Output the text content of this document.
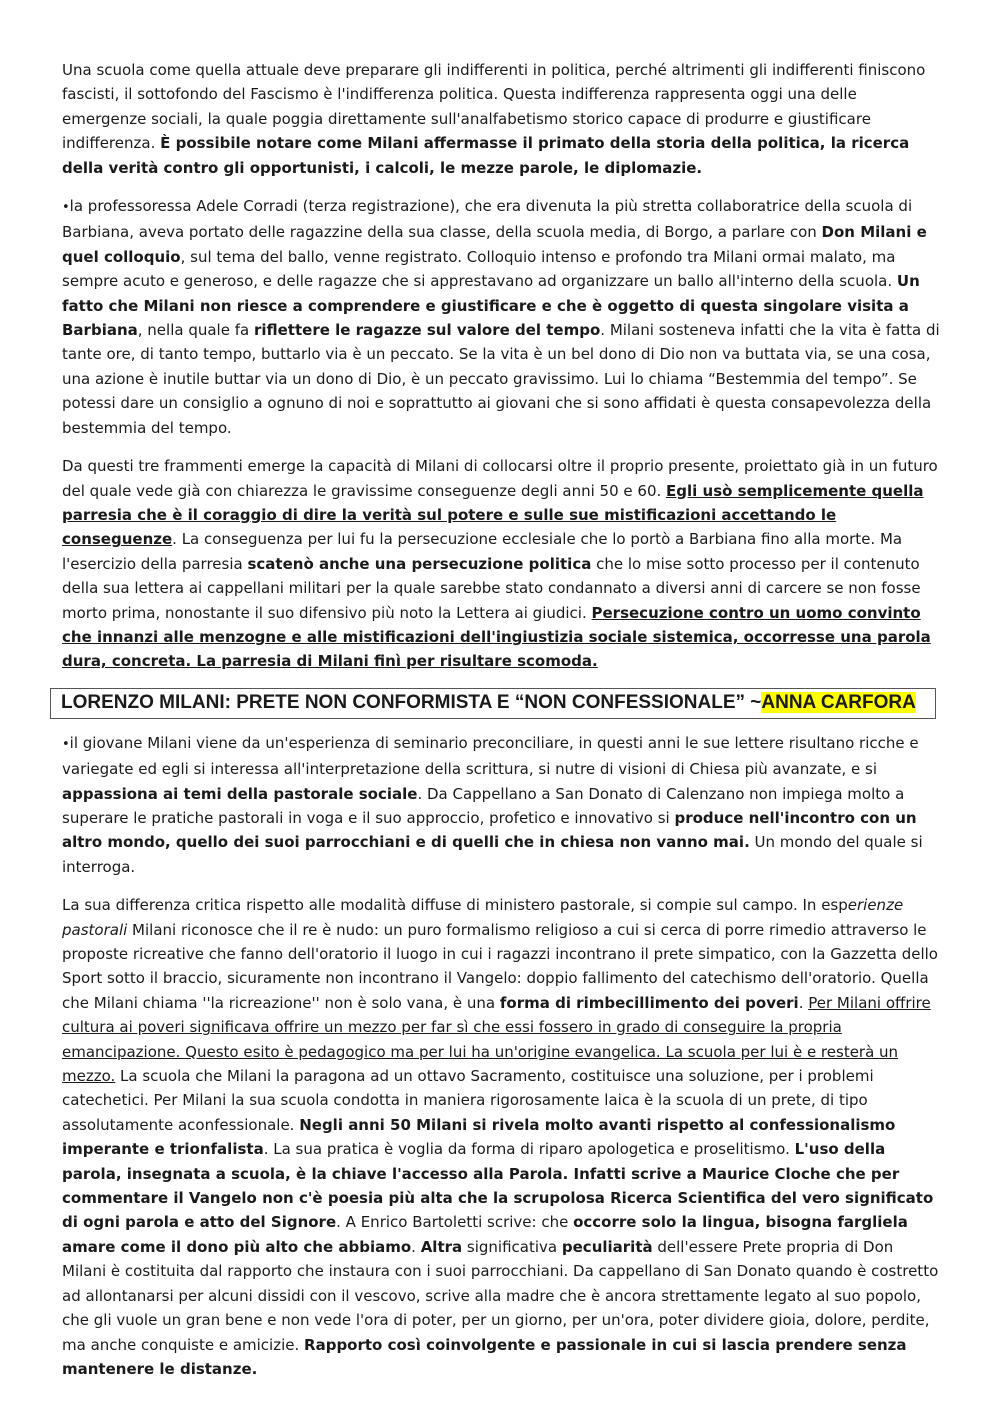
Una scuola come quella attuale deve preparare gli indifferenti in politica, perché altrimenti gli indifferenti finiscono fascisti, il sottofondo del Fascismo è l'indifferenza politica. Questa indifferenza rappresenta oggi una delle emergenze sociali, la quale poggia direttamente sull'analfabetismo storico capace di produrre e giustificare indifferenza. È possibile notare come Milani affermasse il primato della storia della politica, la ricerca della verità contro gli opportunisti, i calcoli, le mezze parole, le diplomazie.

•la professoressa Adele Corradi (terza registrazione), che era divenuta la più stretta collaboratrice della scuola di Barbiana, aveva portato delle ragazzine della sua classe, della scuola media, di Borgo, a parlare con Don Milani e quel colloquio, sul tema del ballo, venne registrato. Colloquio intenso e profondo tra Milani ormai malato, ma sempre acuto e generoso, e delle ragazze che si apprestavano ad organizzare un ballo all'interno della scuola. Un fatto che Milani non riesce a comprendere e giustificare e che è oggetto di questa singolare visita a Barbiana, nella quale fa riflettere le ragazze sul valore del tempo. Milani sosteneva infatti che la vita è fatta di tante ore, di tanto tempo, buttarlo via è un peccato. Se la vita è un bel dono di Dio non va buttata via, se una cosa, una azione è inutile buttar via un dono di Dio, è un peccato gravissimo. Lui lo chiama “Bestemmia del tempo”. Se potessi dare un consiglio a ognuno di noi e soprattutto ai giovani che si sono affidati è questa consapevolezza della bestemmia del tempo.

Da questi tre frammenti emerge la capacità di Milani di collocarsi oltre il proprio presente, proiettato già in un futuro del quale vede già con chiarezza le gravissime conseguenze degli anni 50 e 60. Egli usò semplicemente quella parresia che è il coraggio di dire la verità sul potere e sulle sue mistificazioni accettando le conseguenze. La conseguenza per lui fu la persecuzione ecclesiale che lo portò a Barbiana fino alla morte. Ma l'esercizio della parresia scatenò anche una persecuzione politica che lo mise sotto processo per il contenuto della sua lettera ai cappellani militari per la quale sarebbe stato condannato a diversi anni di carcere se non fosse morto prima, nonostante il suo difensivo più noto la Lettera ai giudici. Persecuzione contro un uomo convinto che innanzi alle menzogne e alle mistificazioni dell'ingiustizia sociale sistemica, occorresse una parola dura, concreta. La parresia di Milani finì per risultare scomoda.

LORENZO MILANI: PRETE NON CONFORMISTA E “NON CONFESSIONALE” ~ANNA CARFORA

•il giovane Milani viene da un'esperienza di seminario preconciliare, in questi anni le sue lettere risultano ricche e variegate ed egli si interessa all'interpretazione della scrittura, si nutre di visioni di Chiesa più avanzate, e si appassiona ai temi della pastorale sociale. Da Cappellano a San Donato di Calenzano non impiega molto a superare le pratiche pastorali in voga e il suo approccio, profetico e innovativo si produce nell'incontro con un altro mondo, quello dei suoi parrocchiani e di quelli che in chiesa non vanno mai. Un mondo del quale si interroga.

La sua differenza critica rispetto alle modalità diffuse di ministero pastorale, si compie sul campo. In esperienze pastorali Milani riconosce che il re è nudo: un puro formalismo religioso a cui si cerca di porre rimedio attraverso le proposte ricreative che fanno dell'oratorio il luogo in cui i ragazzi incontrano il prete simpatico, con la Gazzetta dello Sport sotto il braccio, sicuramente non incontrano il Vangelo: doppio fallimento del catechismo dell'oratorio. Quella che Milani chiama ''la ricreazione'' non è solo vana, è una forma di rimbecillimento dei poveri. Per Milani offrire cultura ai poveri significava offrire un mezzo per far sì che essi fossero in grado di conseguire la propria emancipazione. Questo esito è pedagogico ma per lui ha un'origine evangelica. La scuola per lui è e resterà un mezzo. La scuola che Milani la paragona ad un ottavo Sacramento, costituisce una soluzione, per i problemi catechetici. Per Milani la sua scuola condotta in maniera rigorosamente laica è la scuola di un prete, di tipo assolutamente aconfessionale. Negli anni 50 Milani si rivela molto avanti rispetto al confessionalismo imperante e trionfalista. La sua pratica è voglia da forma di riparo apologetica e proselitismo. L'uso della parola, insegnata a scuola, è la chiave l'accesso alla Parola. Infatti scrive a Maurice Cloche che per commentare il Vangelo non c'è poesia più alta che la scrupolosa Ricerca Scientifica del vero significato di ogni parola e atto del Signore. A Enrico Bartoletti scrive: che occorre solo la lingua, bisogna fargliela amare come il dono più alto che abbiamo. Altra significativa peculiarità dell'essere Prete propria di Don Milani è costituita dal rapporto che instaura con i suoi parrocchiani. Da cappellano di San Donato quando è costretto ad allontanarsi per alcuni dissidi con il vescovo, scrive alla madre che è ancora strettamente legato al suo popolo, che gli vuole un gran bene e non vede l'ora di poter, per un giorno, per un'ora, poter dividere gioia, dolore, perdite, ma anche conquiste e amicizie. Rapporto così coinvolgente e passionale in cui si lascia prendere senza mantenere le distanze.
